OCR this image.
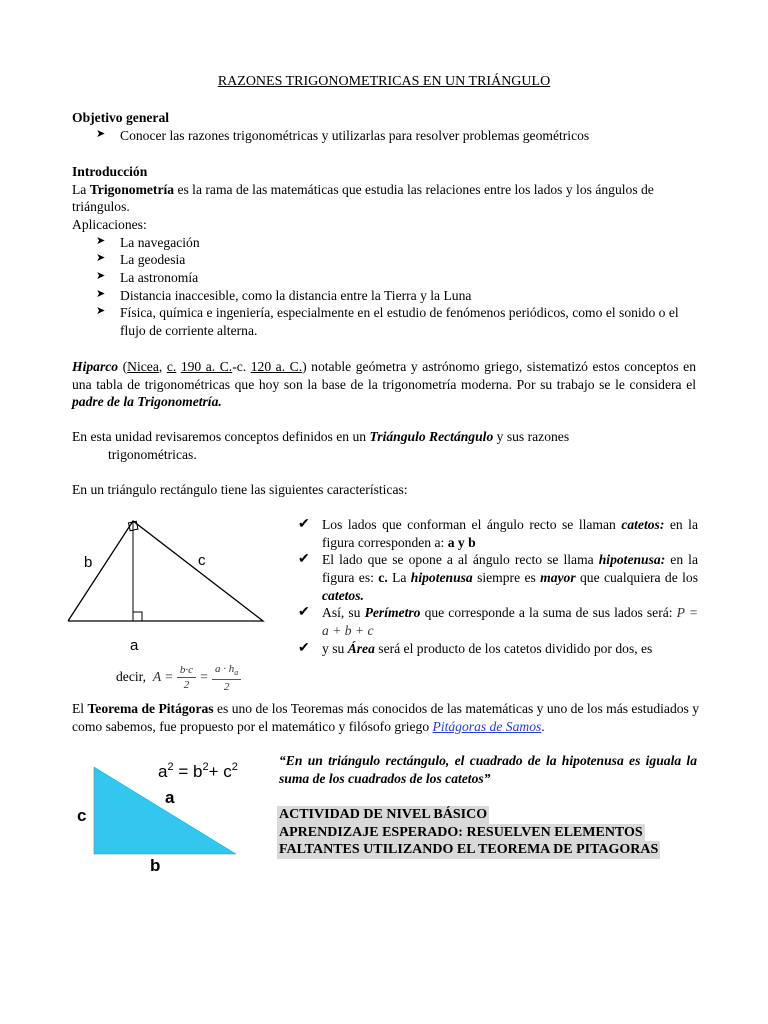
RAZONES TRIGONOMETRICAS EN UN TRIÁNGULO
Objetivo general
➤ Conocer las razones trigonométricas y utilizarlas para resolver problemas geométricos
Introducción
La Trigonometría es la rama de las matemáticas que estudia las relaciones entre los lados y los ángulos de triángulos.
Aplicaciones:
➤ La navegación
➤ La geodesia
➤ La astronomía
➤ Distancia inaccesible, como la distancia entre la Tierra y la Luna
➤ Física, química e ingeniería, especialmente en el estudio de fenómenos periódicos, como el sonido o el flujo de corriente alterna.
Hiparco (Nicea, c. 190 a. C.-c. 120 a. C.) notable geómetra y astrónomo griego, sistematizó estos conceptos en una tabla de trigonométricas que hoy son la base de la trigonometría moderna. Por su trabajo se le considera el padre de la Trigonometría.
En esta unidad revisaremos conceptos definidos en un Triángulo Rectángulo y sus razones
trigonométricas.
En un triángulo rectángulo tiene las siguientes características:
b	c
a
✔ Los lados que conforman el ángulo recto se llaman catetos: en la figura corresponden a: a y b
✔ El lado que se opone a al ángulo recto se llama hipotenusa: en la figura es: c. La hipotenusa siempre es mayor que cualquiera de los catetos.
✔ Así, su Perímetro que corresponde a la suma de sus lados será: P = a + b + c
✔ y su Área será el producto de los catetos dividido por dos, es
decir, $A = \frac{b\cdot c}{2} = \frac{a \cdot h_a}{2}$
El Teorema de Pitágoras es uno de los Teoremas más conocidos de las matemáticas y uno de los más estudiados y como sabemos, fue propuesto por el matemático y filósofo griego Pitágoras de Samos.
$a^2 = b^2+ c^2$
a
c
b
“En un triángulo rectángulo, el cuadrado de la hipotenusa es iguala la suma de los cuadrados de los catetos”
ACTIVIDAD DE NIVEL BÁSICO
APRENDIZAJE ESPERADO: RESUELVEN ELEMENTOS
FALTANTES UTILIZANDO EL TEOREMA DE PITAGORAS
